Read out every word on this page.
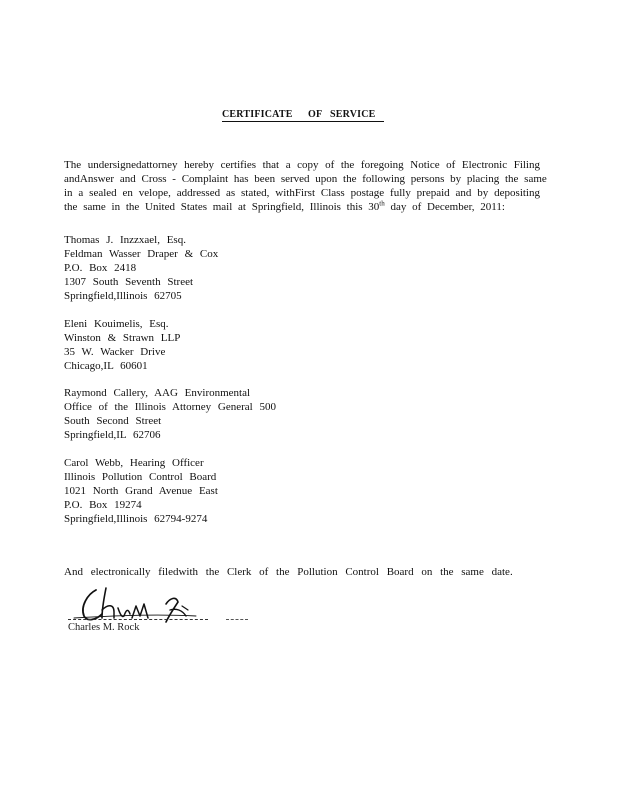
CERTIFICATE OF SERVICE
The undersignedattorney hereby certifies that a copy of the foregoing Notice of Electronic Filing
andAnswer and Cross - Complaint has been served upon the following persons by placing the same
in a sealed en velope, addressed as stated, withFirst Class postage fully prepaid and by depositing
the same in the United States mail at Springfield, Illinois this 30th day of December, 2011:
Thomas J. Inzzxael, Esq.
Feldman Wasser Draper & Cox
P.O. Box 2418
1307 South Seventh Street
Springfield,Illinois 62705
Eleni Kouimelis, Esq.
Winston & Strawn LLP
35 W. Wacker Drive
Chicago,IL 60601
Raymond Callery, AAG Environmental
Office of the Illinois Attorney General 500
South Second Street
Springfield,IL 62706
Carol Webb, Hearing Officer
Illinois Pollution Control Board
1021 North Grand Avenue East
P.O. Box 19274
Springfield,Illinois 62794-9274
And electronically filedwith the Clerk of the Pollution Control Board on the same date.
Charles M. Rock
